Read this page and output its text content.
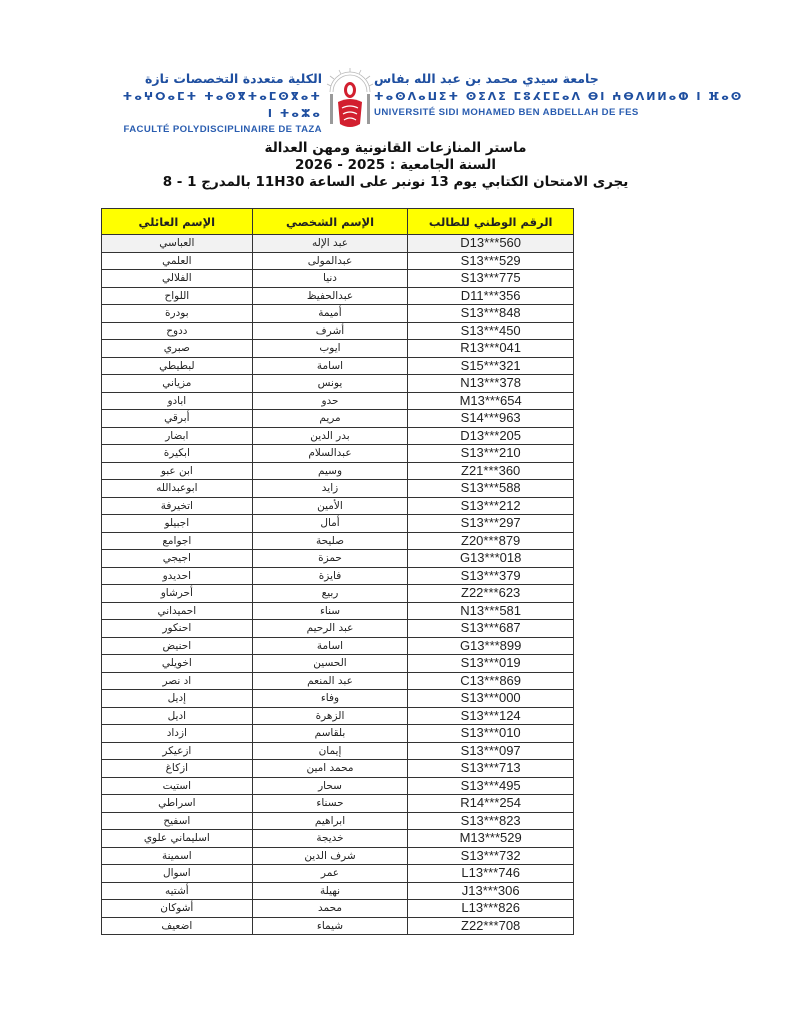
الكلية متعددة التخصصات تازة
ⵜⴰⵖⵔⴰⵎⵜ ⵜⴰⵙⴳⵜⴰⵎⵙⴳⴰⵜ ⵏ ⵜⴰⵣⴰ
FACULTÉ POLYDISCIPLINAIRE DE TAZA
جامعة سيدي محمد بن عبد الله بفاس
ⵜⴰⵙⴷⴰⵡⵉⵜ ⵙⵉⴷⵉ ⵎⵓⵃⵎⵎⴰⴷ ⴱⵏ ⵄⴱⴷⵍⵍⴰⵀ ⵏ ⴼⴰⵙ
UNIVERSITÉ SIDI MOHAMED BEN ABDELLAH DE FES
ماستر المنازعات القانونية ومهن العدالة
السنة الجامعية : 2025 - 2026
يجرى الامتحان الكتابي يوم 13 نونبر على الساعة 11H30 بالمدرج 1 - 8
الرقم الوطني للطالب	الإسم الشخصي	الإسم العائلي
D13***560	عبد الإله	العباسي
S13***529	عبدالمولى	العلمي
S13***775	دنيا	الفلالي
D11***356	عبدالحفيظ	اللواح
S13***848	أميمة	بودرة
S13***450	أشرف	ددوح
R13***041	ايوب	صبري
S15***321	اسامة	لبطيطي
N13***378	يونس	مزياني
M13***654	حدو	ابادو
S14***963	مريم	أبرقي
D13***205	بدر الدين	ابضار
S13***210	عبدالسلام	ابكيرة
Z21***360	وسيم	ابن عبو
S13***588	زايد	ابوعبدالله
S13***212	الأمين	اتخيرفة
S13***297	أمال	اجبيلو
Z20***879	صليحة	اجوامع
G13***018	حمزة	اجيجي
S13***379	فايزة	احديدو
Z22***623	ربيع	أحرشاو
N13***581	سناء	احميداني
S13***687	عبد الرحيم	احنكور
G13***899	اسامة	احنيض
S13***019	الحسين	اخويلي
C13***869	عبد المنعم	اد نصر
S13***000	وفاء	إديل
S13***124	الزهرة	اديل
S13***010	بلقاسم	ازداد
S13***097	إيمان	ازعيكر
S13***713	محمد امين	ازكاغ
S13***495	سحار	استيت
R14***254	حسناء	اسراطي
S13***823	ابراهيم	اسفيح
M13***529	خديجة	اسليماني علوي
S13***732	شرف الدين	اسمينة
L13***746	عمر	اسوال
J13***306	نهيلة	أشتيه
L13***826	محمد	أشوكان
Z22***708	شيماء	اضعيف
